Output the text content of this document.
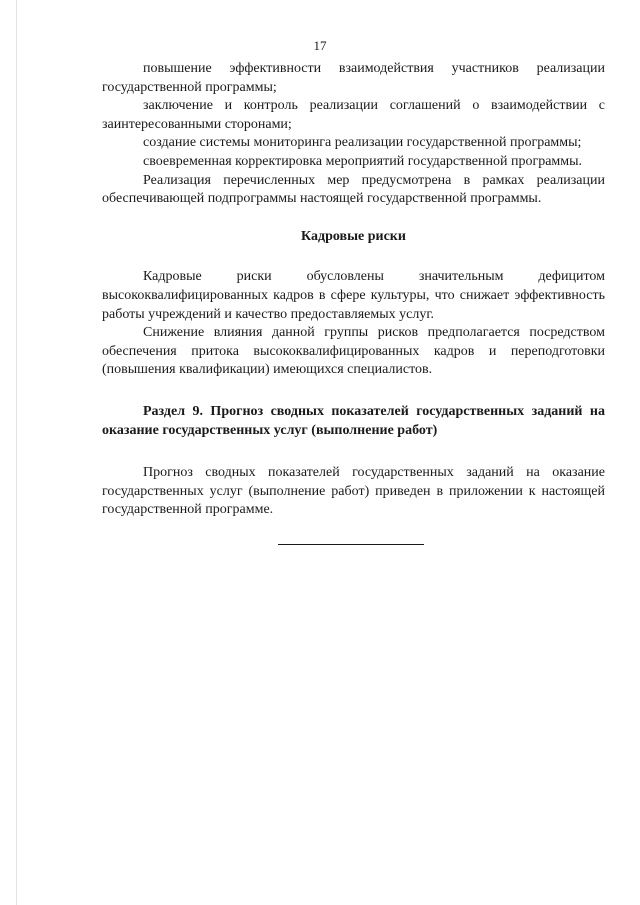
17

повышение эффективности взаимодействия участников реализации государственной программы;

заключение и контроль реализации соглашений о взаимодействии с заинтересованными сторонами;

создание системы мониторинга реализации государственной программы;

своевременная корректировка мероприятий государственной программы.

Реализация перечисленных мер предусмотрена в рамках реализации обеспечивающей подпрограммы настоящей государственной программы.

Кадровые риски

Кадровые риски обусловлены значительным дефицитом высококвалифицированных кадров в сфере культуры, что снижает эффективность работы учреждений и качество предоставляемых услуг.

Снижение влияния данной группы рисков предполагается посредством обеспечения притока высококвалифицированных кадров и переподготовки (повышения квалификации) имеющихся специалистов.

Раздел 9. Прогноз сводных показателей государственных заданий на оказание государственных услуг (выполнение работ)

Прогноз сводных показателей государственных заданий на оказание государственных услуг (выполнение работ) приведен в приложении к настоящей государственной программе.
